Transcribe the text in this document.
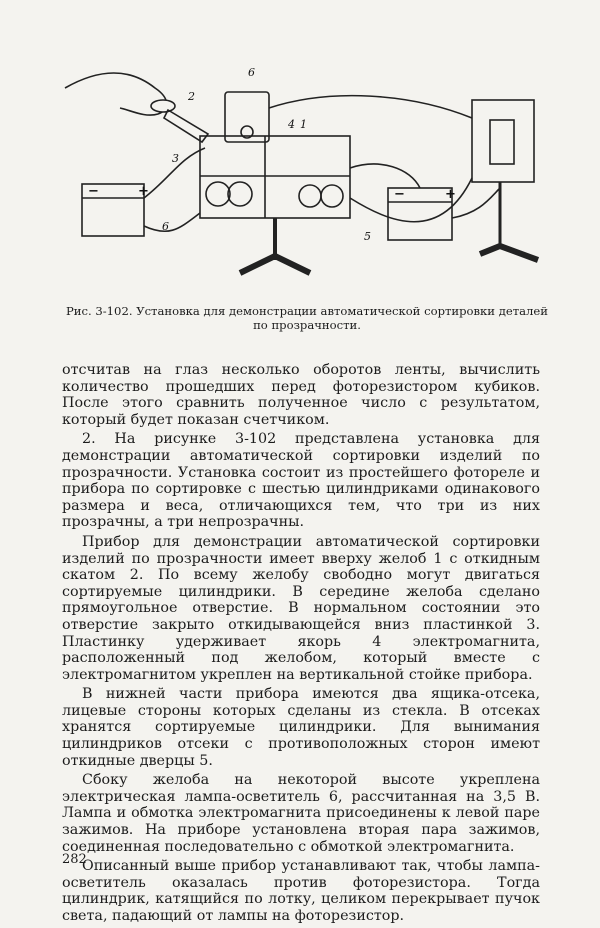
2
6
4 1
3
6
5
+
−	+
−
Рис. 3-102. Установка для демонстрации автоматической сортировки деталей по прозрачности.

отсчитав на глаз несколько оборотов ленты, вычислить количество прошедших перед фоторезистором кубиков. После этого сравнить полученное число с результатом, который будет показан счетчиком.

2. На рисунке 3-102 представлена установка для демонстрации автоматической сортировки изделий по прозрачности. Установка состоит из простейшего фотореле и прибора по сортировке с шестью цилиндриками одинакового размера и веса, отличающихся тем, что три из них прозрачны, а три непрозрачны.

Прибор для демонстрации автоматической сортировки изделий по прозрачности имеет вверху желоб 1 с откидным скатом 2. По всему желобу свободно могут двигаться сортируемые цилиндрики. В середине желоба сделано прямоугольное отверстие. В нормальном состоянии это отверстие закрыто откидывающейся вниз пластинкой 3. Пластинку удерживает якорь 4 электромагнита, расположенный под желобом, который вместе с электромагнитом укреплен на вертикальной стойке прибора.

В нижней части прибора имеются два ящика-отсека, лицевые стороны которых сделаны из стекла. В отсеках хранятся сортируемые цилиндрики. Для вынимания цилиндриков отсеки с противоположных сторон имеют откидные дверцы 5.

Сбоку желоба на некоторой высоте укреплена электрическая лампа-осветитель 6, рассчитанная на 3,5 В. Лампа и обмотка электромагнита присоединены к левой паре зажимов. На приборе установлена вторая пара зажимов, соединенная последовательно с обмоткой электромагнита.

Описанный выше прибор устанавливают так, чтобы лампа-осветитель оказалась против фоторезистора. Тогда цилиндрик, катящийся по лотку, целиком перекрывает пучок света, падающий от лампы на фоторезистор.

282
